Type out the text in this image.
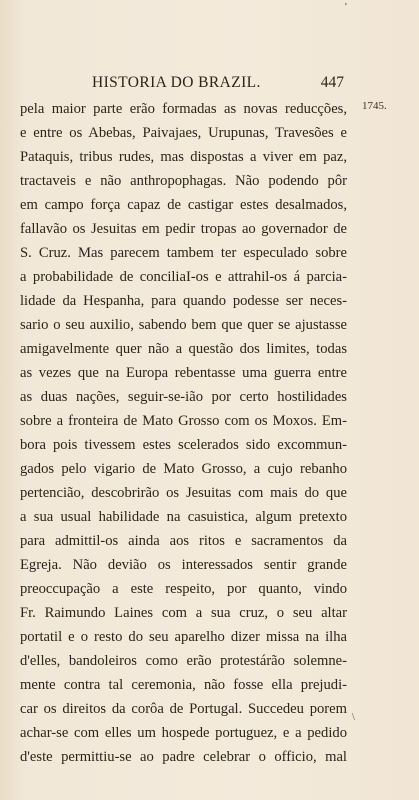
'
HISTORIA DO BRAZIL.	447
1745.
pela maior parte erão formadas as novas reducções,
e entre os Abebas, Paivajaes, Urupunas, Travesões e
Pataquis, tribus rudes, mas dispostas a viver em paz,
tractaveis e não anthropophagas. Não podendo pôr
em campo força capaz de castigar estes desalmados,
fallavão os Jesuitas em pedir tropas ao governador de
S. Cruz. Mas parecem tambem ter especulado sobre
a probabilidade de conciliaI-os e attrahil-os á parcia-
lidade da Hespanha, para quando podesse ser neces-
sario o seu auxilio, sabendo bem que quer se ajustasse
amigavelmente quer não a questão dos limites, todas
as vezes que na Europa rebentasse uma guerra entre
as duas nações, seguir-se-ião por certo hostilidades
sobre a fronteira de Mato Grosso com os Moxos. Em-
bora pois tivessem estes scelerados sido excommun-
gados pelo vigario de Mato Grosso, a cujo rebanho
pertencião, descobrirão os Jesuitas com mais do que
a sua usual habilidade na casuistica, algum pretexto
para admittil-os ainda aos ritos e sacramentos da
Egreja. Não devião os interessados sentir grande
preoccupação a este respeito, por quanto, vindo
Fr. Raimundo Laines com a sua cruz, o seu altar
portatil e o resto do seu aparelho dizer missa na ilha
d'elles, bandoleiros como erão protestárão solemne-
mente contra tal ceremonia, não fosse ella prejudi-
car os direitos da corôa de Portugal. Succedeu porem
achar-se com elles um hospede portuguez, e a pedido
d'este permittiu-se ao padre celebrar o officio, mal
\
